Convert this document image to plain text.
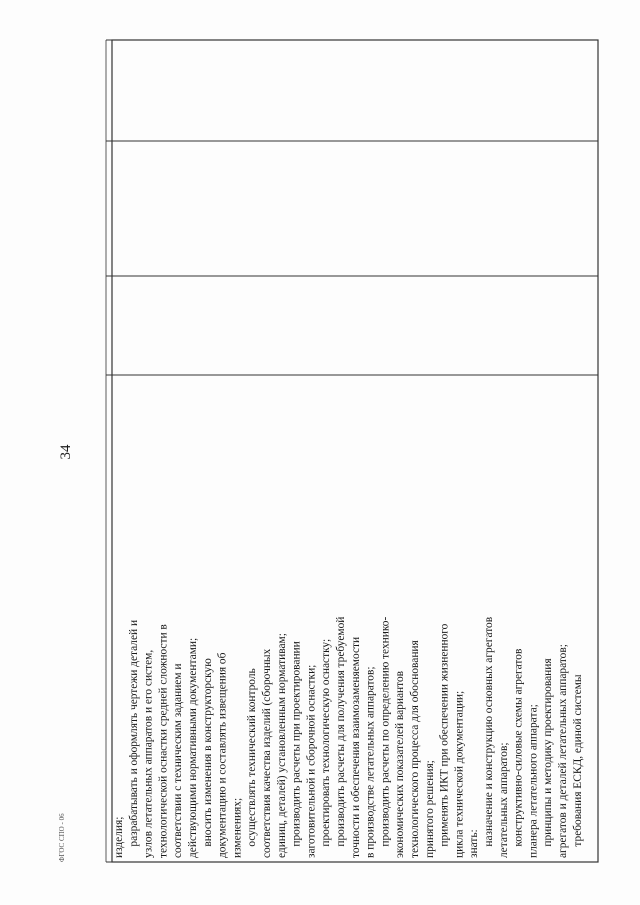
изделия;    разрабатывать и оформлять чертежи деталей и узлов летательных аппаратов и его систем, технологической оснастки средней сложности в соответствии с техническим заданием и действующими нормативными документами;    вносить изменения в конструкторскую документацию и составлять извещения об изменениях;    осуществлять технический контроль соответствия качества изделий (сборочных единиц, деталей) установленным нормативам;    производить расчеты при проектировании заготовительной и сборочной оснастки;    проектировать технологическую оснастку;    производить расчеты для получения требуемой точности и обеспечения взаимозаменяемости в производстве летательных аппаратов;    производить расчеты по определению технико- экономических показателей вариантов технологического процесса для обоснования принятого решения;    применять ИКТ при обеспечении жизненного цикла технической документации; знать:    назначение и конструкцию основных агрегатов летательных аппаратов;    конструктивно-силовые схемы агрегатов планера летательного аппарата;    принципы и методику проектирования агрегатов и деталей летательных аппаратов;    требования ЕСКД, единой системы
34
ФГОС СПО - 06
